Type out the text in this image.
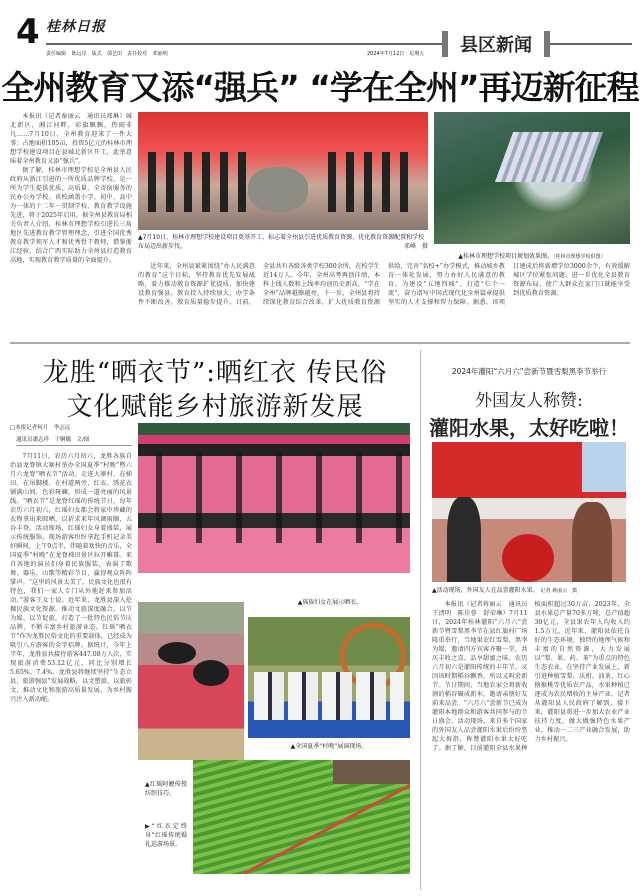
4 桂林日报
责任编辑 陈远岸　版式 郭艺田　责任校对 邓丽明	2024年7月12日　星期五	县区新闻
全州教育又添“强兵” “学在全州”再迈新征程

本报讯（记者秦丽云　通讯员郑琳）城北新区，湘江河畔，彩旗飘飘，热闹非凡……7月10日，全州教育迎来了一件大事：占地面积105亩，投资5亿元的桂林市理想学校建设项目在县城北新区开工，此举意味着全州教育又添“强兵”。

据了解，桂林市理想学校是全州县人民政府从浙江引进的一所优质品牌学校，是一所为学生提供优质、高质量、全寄宿服务的民办公办学校。该校涵盖小学、初中、高中为一体的十二年一贯制学校，教育教学设施先进，将于2025年启用。据全州县教育局相关负责人介绍，桂林市理想学校引进长三角地区先进教育教学管理理念，引进全国优秀教育教学领军人才和优秀骨干教师，借鉴浙江经验，结合广西实际助力全州县打造教育高地，实现教育教学质量的全面提升。

▲7月10日，桂林市理想学校建设项目奠基开工，标志着全州县引进优质教育资源、优化教育资源配置和学校布局迈出新步伐。	邓峰　摄
▲桂林市理想学校项目规划效果图。（桂林市理想学校供图）

近年来，全州县紧紧围绕“办人民满意的教育”这个目标，坚持教育优先发展战略，着力推动教育资源扩优提质，加快建设教育强县。教育投入持续加大，办学条件不断改善，教育质量稳步提升。目前，全县共有各级各类学校300余所，在校学生近14万人。今年，全州高考再创佳绩，本科上线人数和上线率均创历史新高，“学在全州”品牌越擦越亮。下一步，全州县将持续深化教育综合改革，扩大优质教育资源供给，完善“名校+”办学模式，推动城乡教育一体化发展，努力办好人民满意的教育，为建设“五地四城”、打造“仨个一流”，奋力谱写中国式现代化全州篇章提供坚实的人才支撑和智力保障。据悉，该项目建成后将新增学位3000余个，有效缓解城区学位紧张问题，进一步优化全县教育资源布局，使广大群众在家门口就能享受到优质教育资源。

龙胜“晒衣节”:晒红衣 传民俗
文化赋能乡村旅游新发展
□本报记者何月　李志远
通讯员潘志祥　于婀娜　文/图

7月11日，农历六月初六，龙胜各族自治县龙脊镇大寨村举办全国夏季“村晚”暨六月六龙脊“晒衣节”活动。走进大寨村，在梯田、在吊脚楼、在村道两旁，红衣、绣花衣铺满山间，色彩斑斓，形成一道亮丽的风景线。“晒衣节”是龙脊红瑶的传统节日，每年农历六月初六，红瑶妇女都会将家中珍藏的衣物拿出来晾晒，以祈求来年风调雨顺、五谷丰登。活动现场，红瑶妇女身着盛装，展示传统服饰，现场游客纷纷拿起手机记录美好瞬间。上午9点半，伴随着欢快的音乐，全国夏季“村晚”在龙脊梯田景区拉开帷幕。来自各地的演员们身着民族服装，表演了歌舞、器乐、山歌等精彩节目，赢得观众阵阵掌声。“这里的风景太美了，民族文化也很有特色，我们一家人专门从外地赶来参加活动。”游客王女士说。近年来，龙胜县深入挖掘民族文化资源，推动文旅深度融合，以节为媒、以节促旅，打造了一批特色民俗节庆品牌，不断丰富乡村旅游业态。红瑶“晒衣节”作为龙胜民俗文化的重要载体，已经成为吸引八方游客的金字招牌。据统计，今年上半年，龙胜县共接待游客447.08万人次，实现旅游消费53.12亿元，同比分别增长5.65%、7.4%。龙胜县将继续坚持“生态立县、旅游强县”发展战略，以文塑旅、以旅彰文，推动文化和旅游高质量发展，为乡村振兴注入新动能。

▲瑶族妇女在展示晒衣。
▲全国夏季“村晚”展演现场。
▲红瑶阿嬷传授纺织技巧。
▶“红衣定终身”红瑶传统婚礼巡游场景。
2024年灌阳“六月六”尝新节暨雪梨黑李节举行
外国友人称赞:
灌阳水果，太好吃啦！
▲活动现场，外国友人在品尝灌阳水果。 记者 蒋丽云　摄

本报讯（记者蒋丽云　通讯员王清明　陈佳蓉　舒荣琳）7月11日，2024年桂林灌阳“六月六”尝新节暨雪梨黑李节在县红旗村广场隆重举行，当地果农红雪梨、黑李为媒，邀请四方宾客齐聚一堂，共庆丰收之喜，品享甜蜜之味。农历六月初六是灌阳传统的丰年节，又因该时期稻谷飘香，所以又叫尝新节。节日期间，当地农家会将新收割的稻谷碾成新米，邀请亲朋好友前来品尝。“六月六”尝新节已成为灌阳本地群众和游客共同参与的节日盛会。活动现场，来自多个国家的外国友人品尝灌阳水果后纷纷竖起大拇指，称赞灌阳水果太好吃了。据了解，目前灌阳全县水果种植面积超过30万亩，2023年，全县水果总产量70多万吨，总产值超30亿元，全县果农年人均收入约1.5万元。近年来，灌阳县依托良好的生态环境，独特的地理气候和丰富的自然资源，大力发展以“梨、果、药、茶”为重点的特色生态农业，在坚持产业发展上，新引进种植雪梨、沃柑、油茶、红心猕猴桃等优质农产品，水果种植已逐成为农民增收的主导产业。记者从灌阳县人民政府了解到，接下来，灌阳县将进一步加大农业产业扶持力度，做大做强特色水果产业，推动一二三产业融合发展，助力乡村振兴。
